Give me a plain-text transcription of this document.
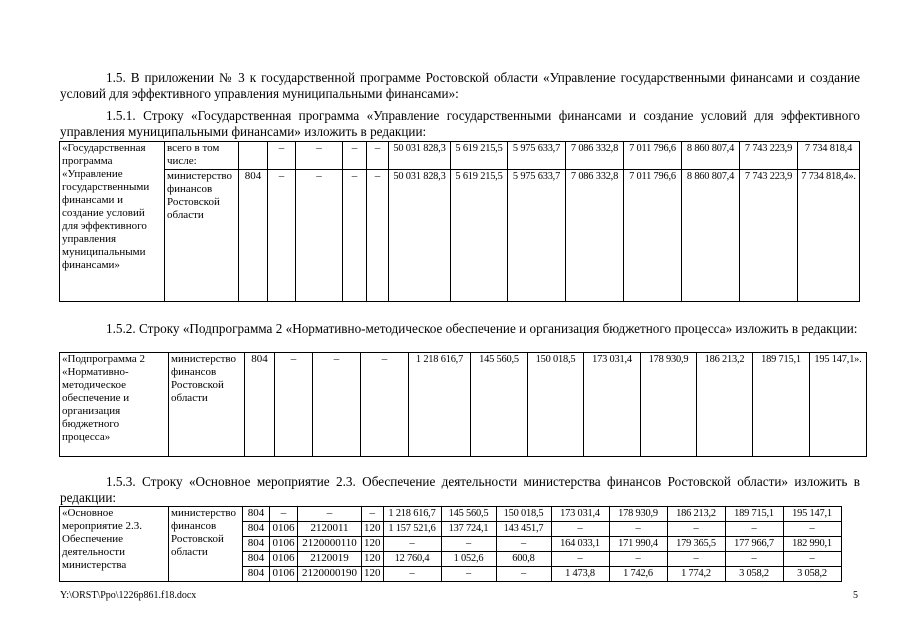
1.5. В приложении № 3 к государственной программе Ростовской области «Управление государственными финансами и создание условий для эффективного управления муниципальными финансами»:
1.5.1. Строку «Государственная программа «Управление государственными финансами и создание условий для эффективного управления муниципальными финансами» изложить в редакции:
«Государственная программа «Управление государственными финансами и создание условий для эффективного управления муниципальными финансами»	всего в том числе:		–	–	–	–	50 031 828,3	5 619 215,5	5 975 633,7	7 086 332,8	7 011 796,6	8 860 807,4	7 743 223,9	7 734 818,4
	министерство финансов Ростовской области	804	–	–	–	–	50 031 828,3	5 619 215,5	5 975 633,7	7 086 332,8	7 011 796,6	8 860 807,4	7 743 223,9	7 734 818,4».
1.5.2. Строку «Подпрограмма 2 «Нормативно-методическое обеспечение и организация бюджетного процесса» изложить в редакции:
«Подпрограмма 2 «Нормативно-методическое обеспечение и организация бюджетного процесса»	министерство финансов Ростовской области	804	–	–	–	1 218 616,7	145 560,5	150 018,5	173 031,4	178 930,9	186 213,2	189 715,1	195 147,1».
1.5.3. Строку «Основное мероприятие 2.3. Обеспечение деятельности министерства финансов Ростовской области» изложить в редакции:
«Основное мероприятие 2.3. Обеспечение деятельности министерства	министерство финансов Ростовской области	804	–	–	–	1 218 616,7	145 560,5	150 018,5	173 031,4	178 930,9	186 213,2	189 715,1	195 147,1
		804	0106	2120011	120	1 157 521,6	137 724,1	143 451,7	–	–	–	–	–
		804	0106	2120000110	120	–	–	–	164 033,1	171 990,4	179 365,5	177 966,7	182 990,1
		804	0106	2120019	120	12 760,4	1 052,6	600,8	–	–	–	–	–
		804	0106	2120000190	120	–	–	–	1 473,8	1 742,6	1 774,2	3 058,2	3 058,2
Y:\ORST\Ppo\1226p861.f18.docx	5
